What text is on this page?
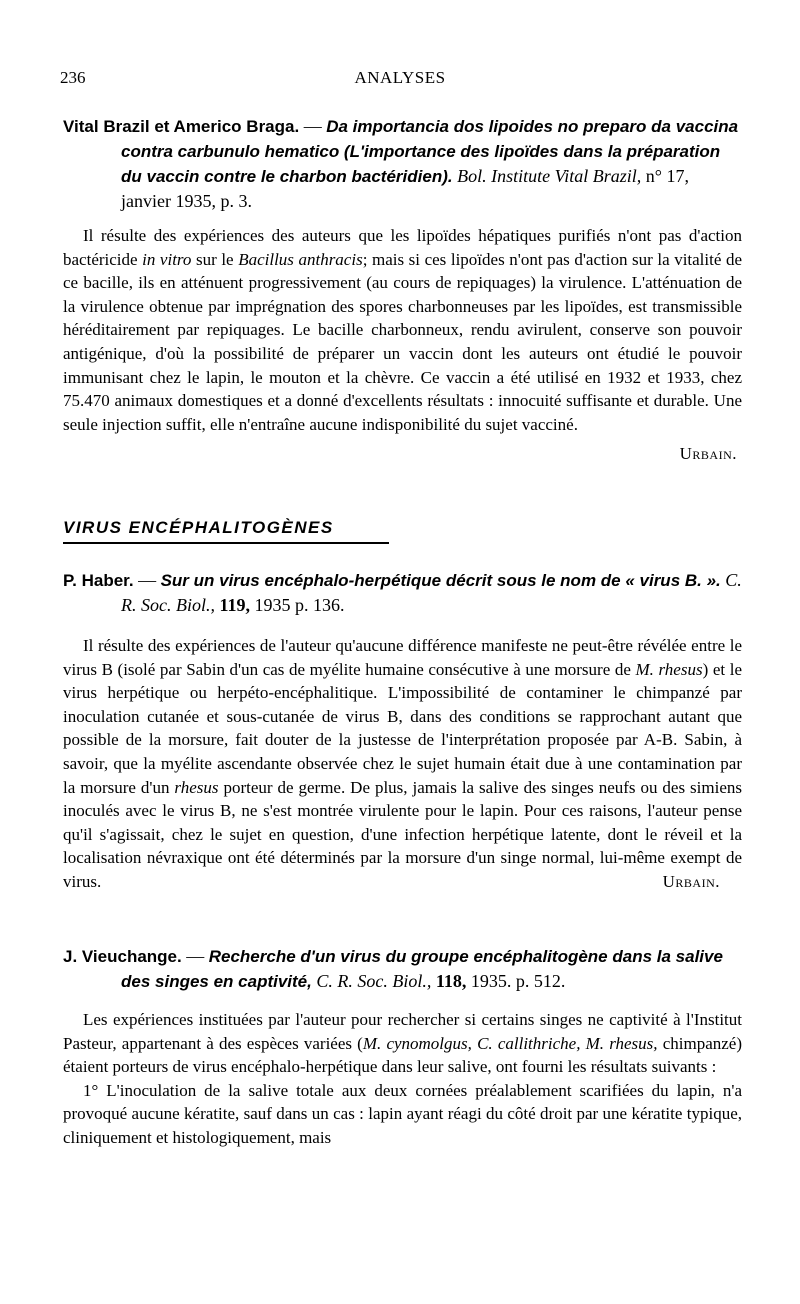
236	ANALYSES
Vital Brazil et Americo Braga. — Da importancia dos lipoides no preparo da vaccina contra carbunulo hematico (L'importance des lipoïdes dans la préparation du vaccin contre le charbon bactéridien). Bol. Institute Vital Brazil, n° 17, janvier 1935, p. 3.

Il résulte des expériences des auteurs que les lipoïdes hépatiques purifiés n'ont pas d'action bactéricide in vitro sur le Bacillus anthracis; mais si ces lipoïdes n'ont pas d'action sur la vitalité de ce bacille, ils en atténuent progressivement (au cours de repiquages) la virulence. L'atténuation de la virulence obtenue par imprégnation des spores charbonneuses par les lipoïdes, est transmissible héréditairement par repiquages. Le bacille charbonneux, rendu avirulent, conserve son pouvoir antigénique, d'où la possibilité de préparer un vaccin dont les auteurs ont étudié le pouvoir immunisant chez le lapin, le mouton et la chèvre. Ce vaccin a été utilisé en 1932 et 1933, chez 75.470 animaux domestiques et a donné d'excellents résultats : innocuité suffisante et durable. Une seule injection suffit, elle n'entraîne aucune indisponibilité du sujet vacciné.

Urbain.
VIRUS ENCÉPHALITOGÈNES
P. Haber. — Sur un virus encéphalo-herpétique décrit sous le nom de « virus B. ». C. R. Soc. Biol., 119, 1935 p. 136.

Il résulte des expériences de l'auteur qu'aucune différence manifeste ne peut-être révélée entre le virus B (isolé par Sabin d'un cas de myélite humaine consécutive à une morsure de M. rhesus) et le virus herpétique ou herpéto-encéphalitique. L'impossibilité de contaminer le chimpanzé par inoculation cutanée et sous-cutanée de virus B, dans des conditions se rapprochant autant que possible de la morsure, fait douter de la justesse de l'interprétation proposée par A-B. Sabin, à savoir, que la myélite ascendante observée chez le sujet humain était due à une contamination par la morsure d'un rhesus porteur de germe. De plus, jamais la salive des singes neufs ou des simiens inoculés avec le virus B, ne s'est montrée virulente pour le lapin. Pour ces raisons, l'auteur pense qu'il s'agissait, chez le sujet en question, d'une infection herpétique latente, dont le réveil et la localisation névraxique ont été déterminés par la morsure d'un singe normal, lui-même exempt de virus.	Urbain.

J. Vieuchange. — Recherche d'un virus du groupe encéphalitogène dans la salive des singes en captivité, C. R. Soc. Biol., 118, 1935. p. 512.

Les expériences instituées par l'auteur pour rechercher si certains singes ne captivité à l'Institut Pasteur, appartenant à des espèces variées (M. cynomolgus, C. callithriche, M. rhesus, chimpanzé) étaient porteurs de virus encéphalo-herpétique dans leur salive, ont fourni les résultats suivants :

1° L'inoculation de la salive totale aux deux cornées préalablement scarifiées du lapin, n'a provoqué aucune kératite, sauf dans un cas : lapin ayant réagi du côté droit par une kératite typique, cliniquement et histologiquement, mais
